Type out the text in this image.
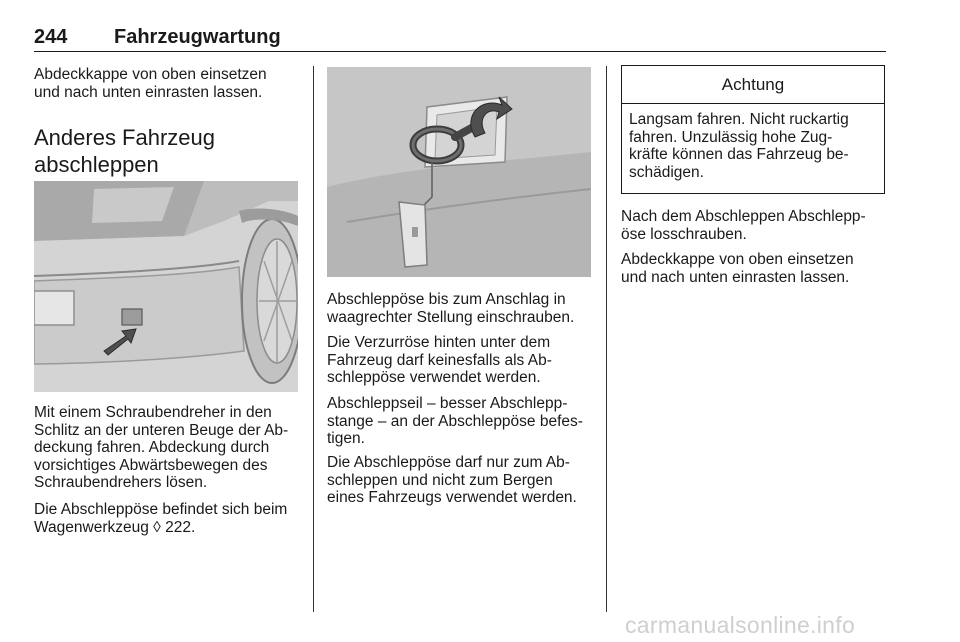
244 Fahrzeugwartung

Abdeckkappe von oben einsetzen
und nach unten einrasten lassen.

Anderes Fahrzeug
abschleppen

Mit einem Schraubendreher in den
Schlitz an der unteren Beuge der Ab-
deckung fahren. Abdeckung durch
vorsichtiges Abwärtsbewegen des
Schraubendrehers lösen.

Die Abschleppöse befindet sich beim
Wagenwerkzeug ◊ 222.

Abschleppöse bis zum Anschlag in
waagrechter Stellung einschrauben.

Die Verzurröse hinten unter dem
Fahrzeug darf keinesfalls als Ab-
schleppöse verwendet werden.

Abschleppseil – besser Abschlepp-
stange – an der Abschleppöse befes-
tigen.

Die Abschleppöse darf nur zum Ab-
schleppen und nicht zum Bergen
eines Fahrzeugs verwendet werden.

Achtung

Langsam fahren. Nicht ruckartig
fahren. Unzulässig hohe Zug-
kräfte können das Fahrzeug be-
schädigen.

Nach dem Abschleppen Abschlepp-
öse losschrauben.

Abdeckkappe von oben einsetzen
und nach unten einrasten lassen.

carmanualsonline.info
